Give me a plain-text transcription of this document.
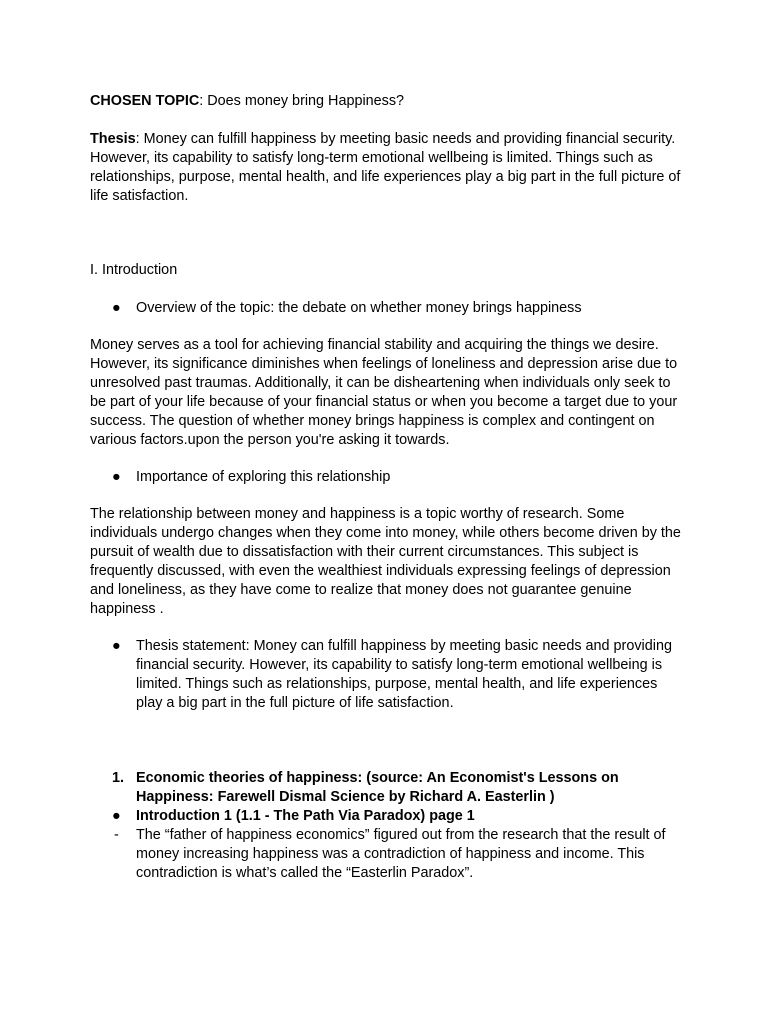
CHOSEN TOPIC: Does money bring Happiness?

Thesis: Money can fulfill happiness by meeting basic needs and providing financial security. However, its capability to satisfy long-term emotional wellbeing is limited. Things such as relationships, purpose, mental health, and life experiences play a big part in the full picture of life satisfaction.

I. Introduction

● Overview of the topic: the debate on whether money brings happiness

Money serves as a tool for achieving financial stability and acquiring the things we desire. However, its significance diminishes when feelings of loneliness and depression arise due to unresolved past traumas. Additionally, it can be disheartening when individuals only seek to be part of your life because of your financial status or when you become a target due to your success. The question of whether money brings happiness is complex and contingent on various factors.upon the person you're asking it towards.

● Importance of exploring this relationship

The relationship between money and happiness is a topic worthy of research. Some individuals undergo changes when they come into money, while others become driven by the pursuit of wealth due to dissatisfaction with their current circumstances. This subject is frequently discussed, with even the wealthiest individuals expressing feelings of depression and loneliness, as they have come to realize that money does not guarantee genuine happiness .

● Thesis statement: Money can fulfill happiness by meeting basic needs and providing financial security. However, its capability to satisfy long-term emotional wellbeing is limited. Things such as relationships, purpose, mental health, and life experiences play a big part in the full picture of life satisfaction.
1. Economic theories of happiness: (source: An Economist's Lessons on Happiness: Farewell Dismal Science by Richard A. Easterlin )
● Introduction 1 (1.1 - The Path Via Paradox) page 1
- The “father of happiness economics” figured out from the research that the result of money increasing happiness was a contradiction of happiness and income. This contradiction is what’s called the “Easterlin Paradox”.
